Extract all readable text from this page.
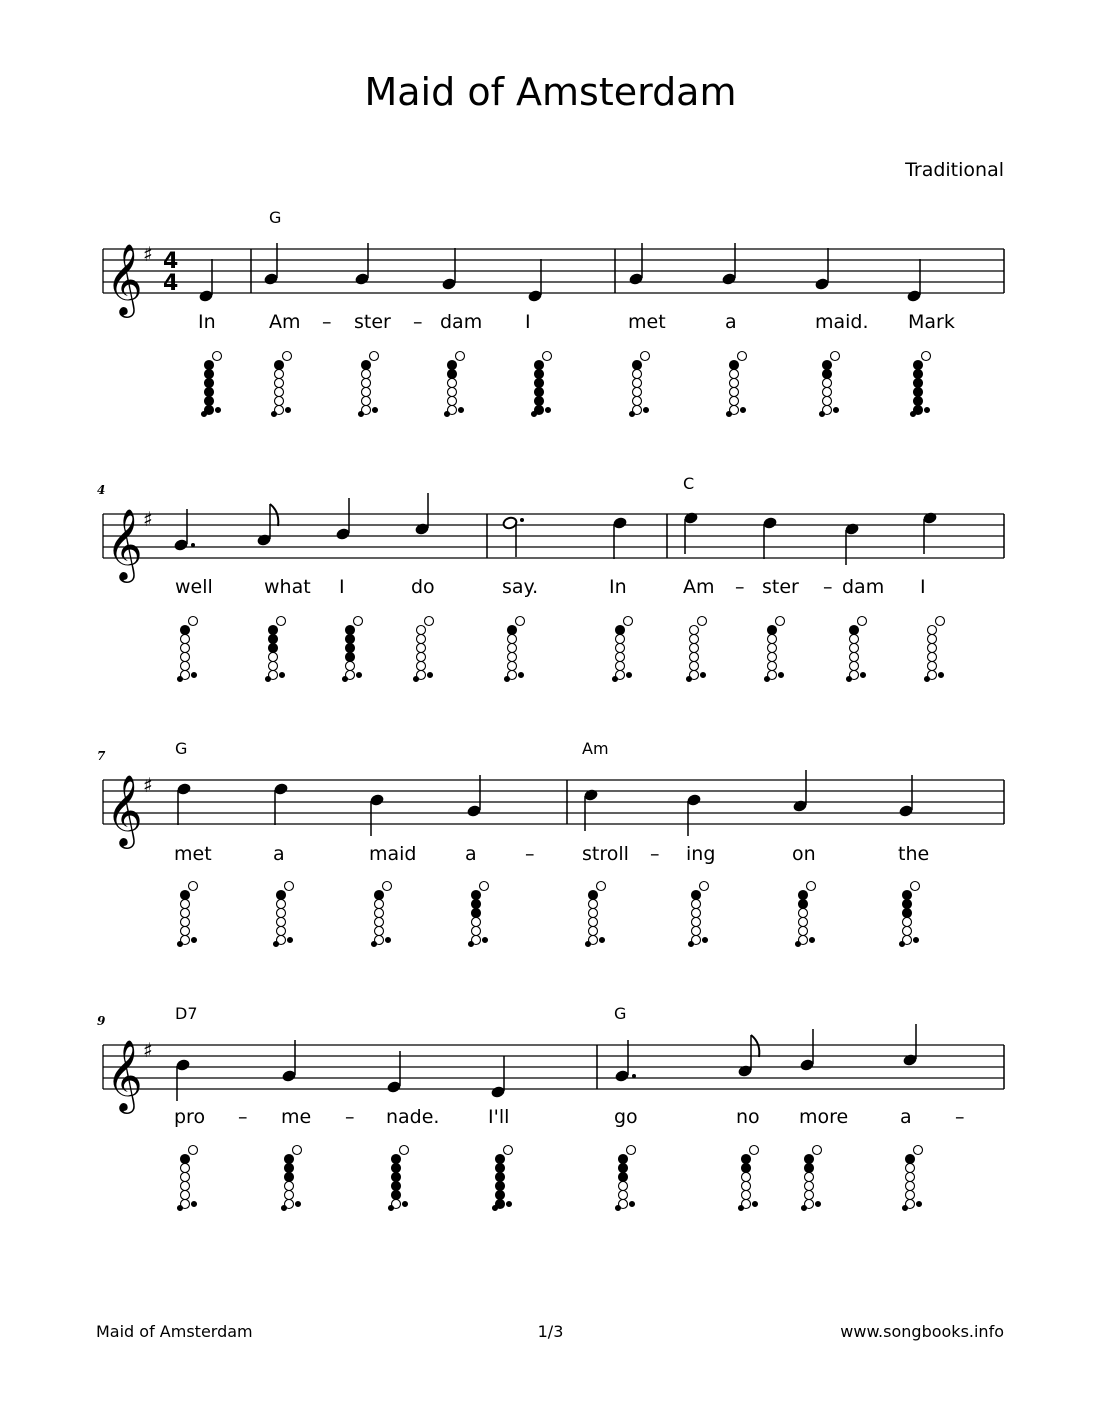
Maid of Amsterdam
Traditional
𝄞 ♯ 4
4
G
In	Am – ster – dam I	met	a	maid. Mark
4
𝄞 ♯
C
well	what I	do	say.	In	Am – ster – dam I
7
𝄞 ♯
G	Am
met	a	maid	a	–	stroll – ing	on	the
9
𝄞 ♯
D7	G
pro – me – nade.	I'll	go	no more	a –
Maid of Amsterdam	1/3	www.songbooks.info
